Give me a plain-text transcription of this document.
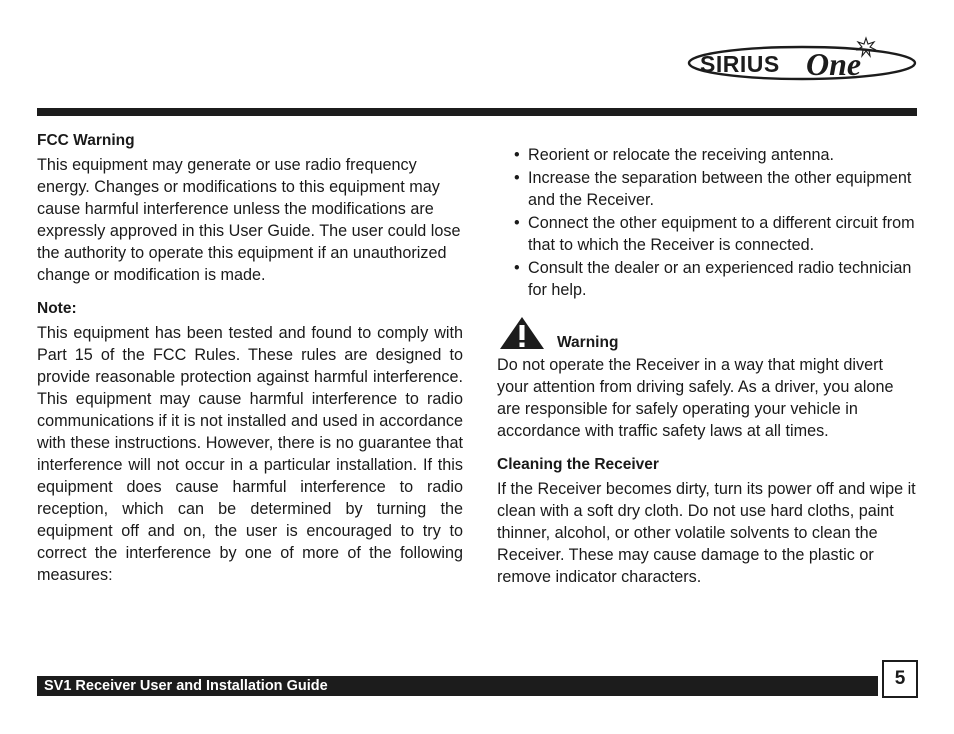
SIRIUS One

FCC Warning

This equipment may generate or use radio frequency energy. Changes or modifications to this equipment may cause harmful interference unless the modifications are expressly approved in this User Guide. The user could lose the authority to operate this equipment if an unauthorized change or modification is made.

Note:

This equipment has been tested and found to comply with Part 15 of the FCC Rules. These rules are designed to provide reasonable protection against harmful interference. This equipment may cause harmful interference to radio communications if it is not installed and used in accordance with these instructions. However, there is no guarantee that interference will not occur in a particular installation. If this equipment does cause harmful interference to radio reception, which can be determined by turning the equipment off and on, the user is encouraged to try to correct the interference by one of more of the following measures:

• Reorient or relocate the receiving antenna.
• Increase the separation between the other equipment and the Receiver.
• Connect the other equipment to a different circuit from that to which the Receiver is connected.
• Consult the dealer or an experienced radio technician for help.
Warning

Do not operate the Receiver in a way that might divert your attention from driving safely. As a driver, you alone are responsible for safely operating your vehicle in accordance with traffic safety laws at all times.

Cleaning the Receiver

If the Receiver becomes dirty, turn its power off and wipe it clean with a soft dry cloth. Do not use hard cloths, paint thinner, alcohol, or other volatile solvents to clean the Receiver. These may cause damage to the plastic or remove indicator characters.

SV1 Receiver User and Installation Guide	5
